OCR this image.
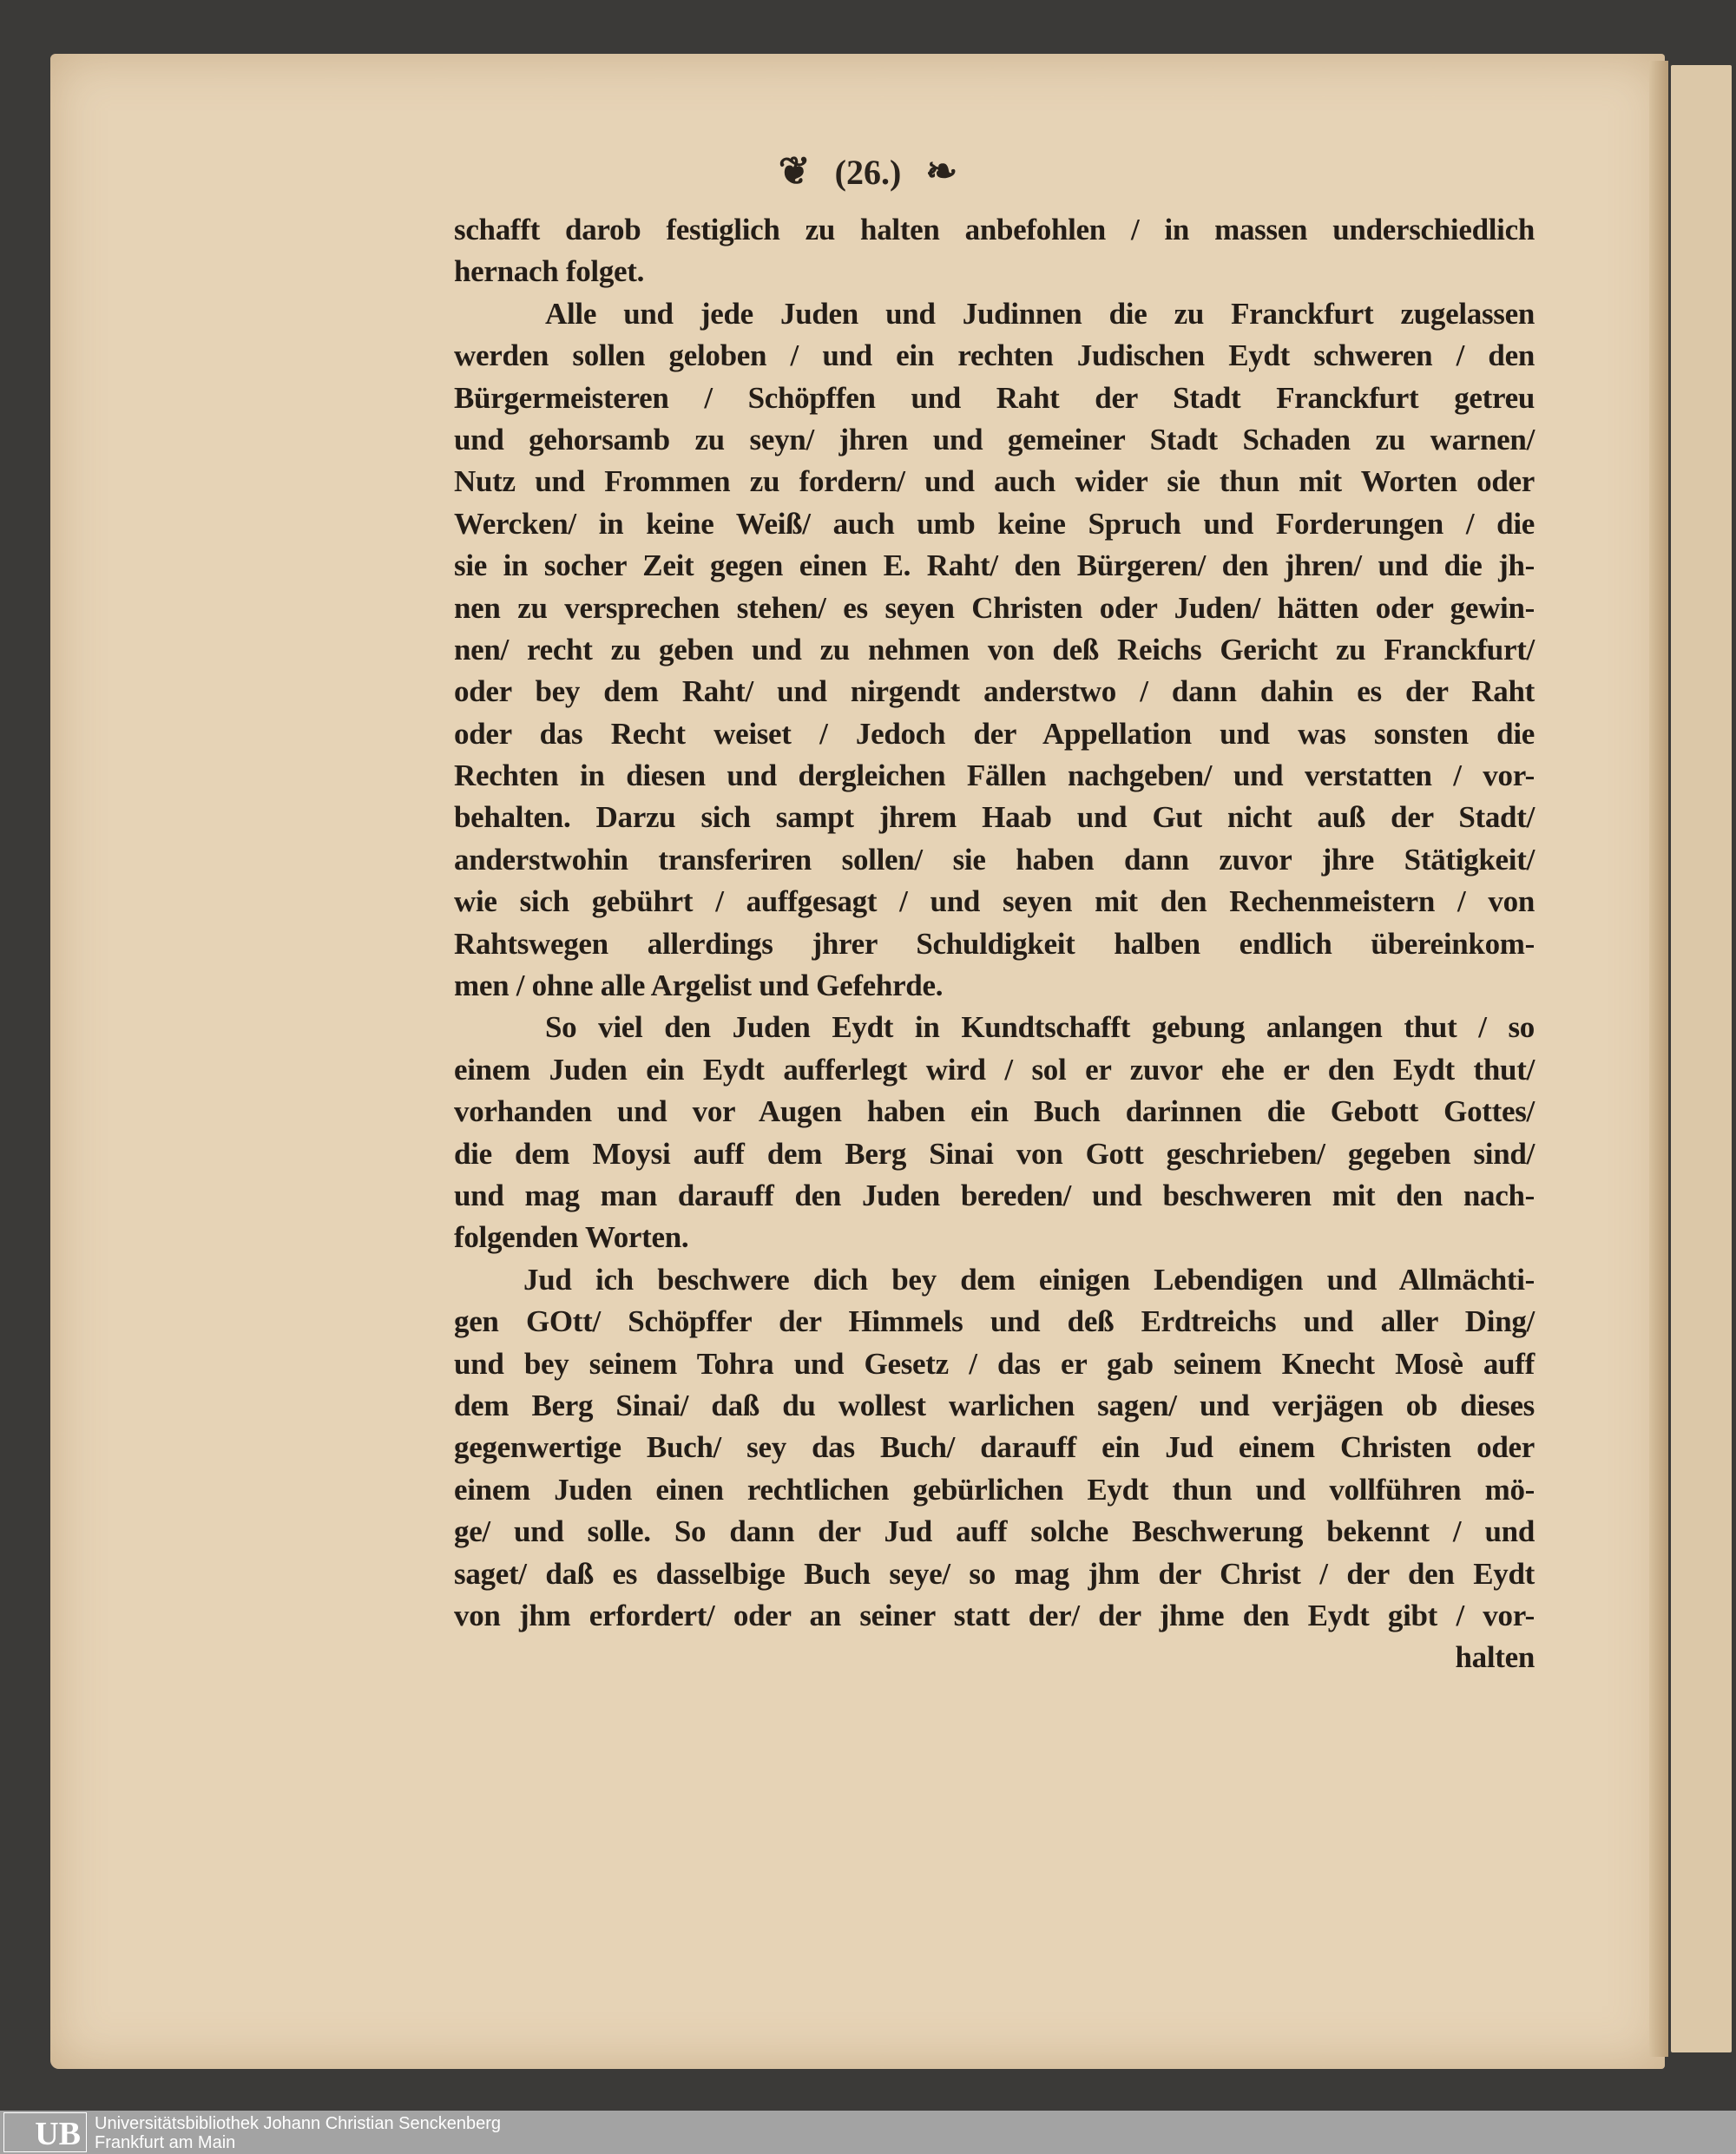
❦ (26.) ❧
schafft darob festiglich zu halten anbefohlen / in massen underschiedlich
hernach folget.
Alle und jede Juden und Judinnen die zu Franckfurt zugelassen
werden sollen geloben / und ein rechten Judischen Eydt schweren / den
Bürgermeisteren / Schöpffen und Raht der Stadt Franckfurt getreu
und gehorsamb zu seyn/ jhren und gemeiner Stadt Schaden zu warnen/
Nutz und Frommen zu fordern/ und auch wider sie thun mit Worten oder
Wercken/ in keine Weiß/ auch umb keine Spruch und Forderungen / die
sie in socher Zeit gegen einen E. Raht/ den Bürgeren/ den jhren/ und die jh-
nen zu versprechen stehen/ es seyen Christen oder Juden/ hätten oder gewin-
nen/ recht zu geben und zu nehmen von deß Reichs Gericht zu Franckfurt/
oder bey dem Raht/ und nirgendt anderstwo / dann dahin es der Raht
oder das Recht weiset / Jedoch der Appellation und was sonsten die
Rechten in diesen und dergleichen Fällen nachgeben/ und verstatten / vor-
behalten. Darzu sich sampt jhrem Haab und Gut nicht auß der Stadt/
anderstwohin transferiren sollen/ sie haben dann zuvor jhre Stätigkeit/
wie sich gebührt / auffgesagt / und seyen mit den Rechenmeistern / von
Rahtswegen allerdings jhrer Schuldigkeit halben endlich übereinkom-
men / ohne alle Argelist und Gefehrde.
So viel den Juden Eydt in Kundtschafft gebung anlangen thut / so
einem Juden ein Eydt aufferlegt wird / sol er zuvor ehe er den Eydt thut/
vorhanden und vor Augen haben ein Buch darinnen die Gebott Gottes/
die dem Moysi auff dem Berg Sinai von Gott geschrieben/ gegeben sind/
und mag man darauff den Juden bereden/ und beschweren mit den nach-
folgenden Worten.
Jud ich beschwere dich bey dem einigen Lebendigen und Allmächti-
gen GOtt/ Schöpffer der Himmels und deß Erdtreichs und aller Ding/
und bey seinem Tohra und Gesetz / das er gab seinem Knecht Mosè auff
dem Berg Sinai/ daß du wollest warlichen sagen/ und verjägen ob dieses
gegenwertige Buch/ sey das Buch/ darauff ein Jud einem Christen oder
einem Juden einen rechtlichen gebürlichen Eydt thun und vollführen mö-
ge/ und solle. So dann der Jud auff solche Beschwerung bekennt / und
saget/ daß es dasselbige Buch seye/ so mag jhm der Christ / der den Eydt
von jhm erfordert/ oder an seiner statt der/ der jhme den Eydt gibt / vor-
halten
UB Universitätsbibliothek Johann Christian Senckenberg
Frankfurt am Main
